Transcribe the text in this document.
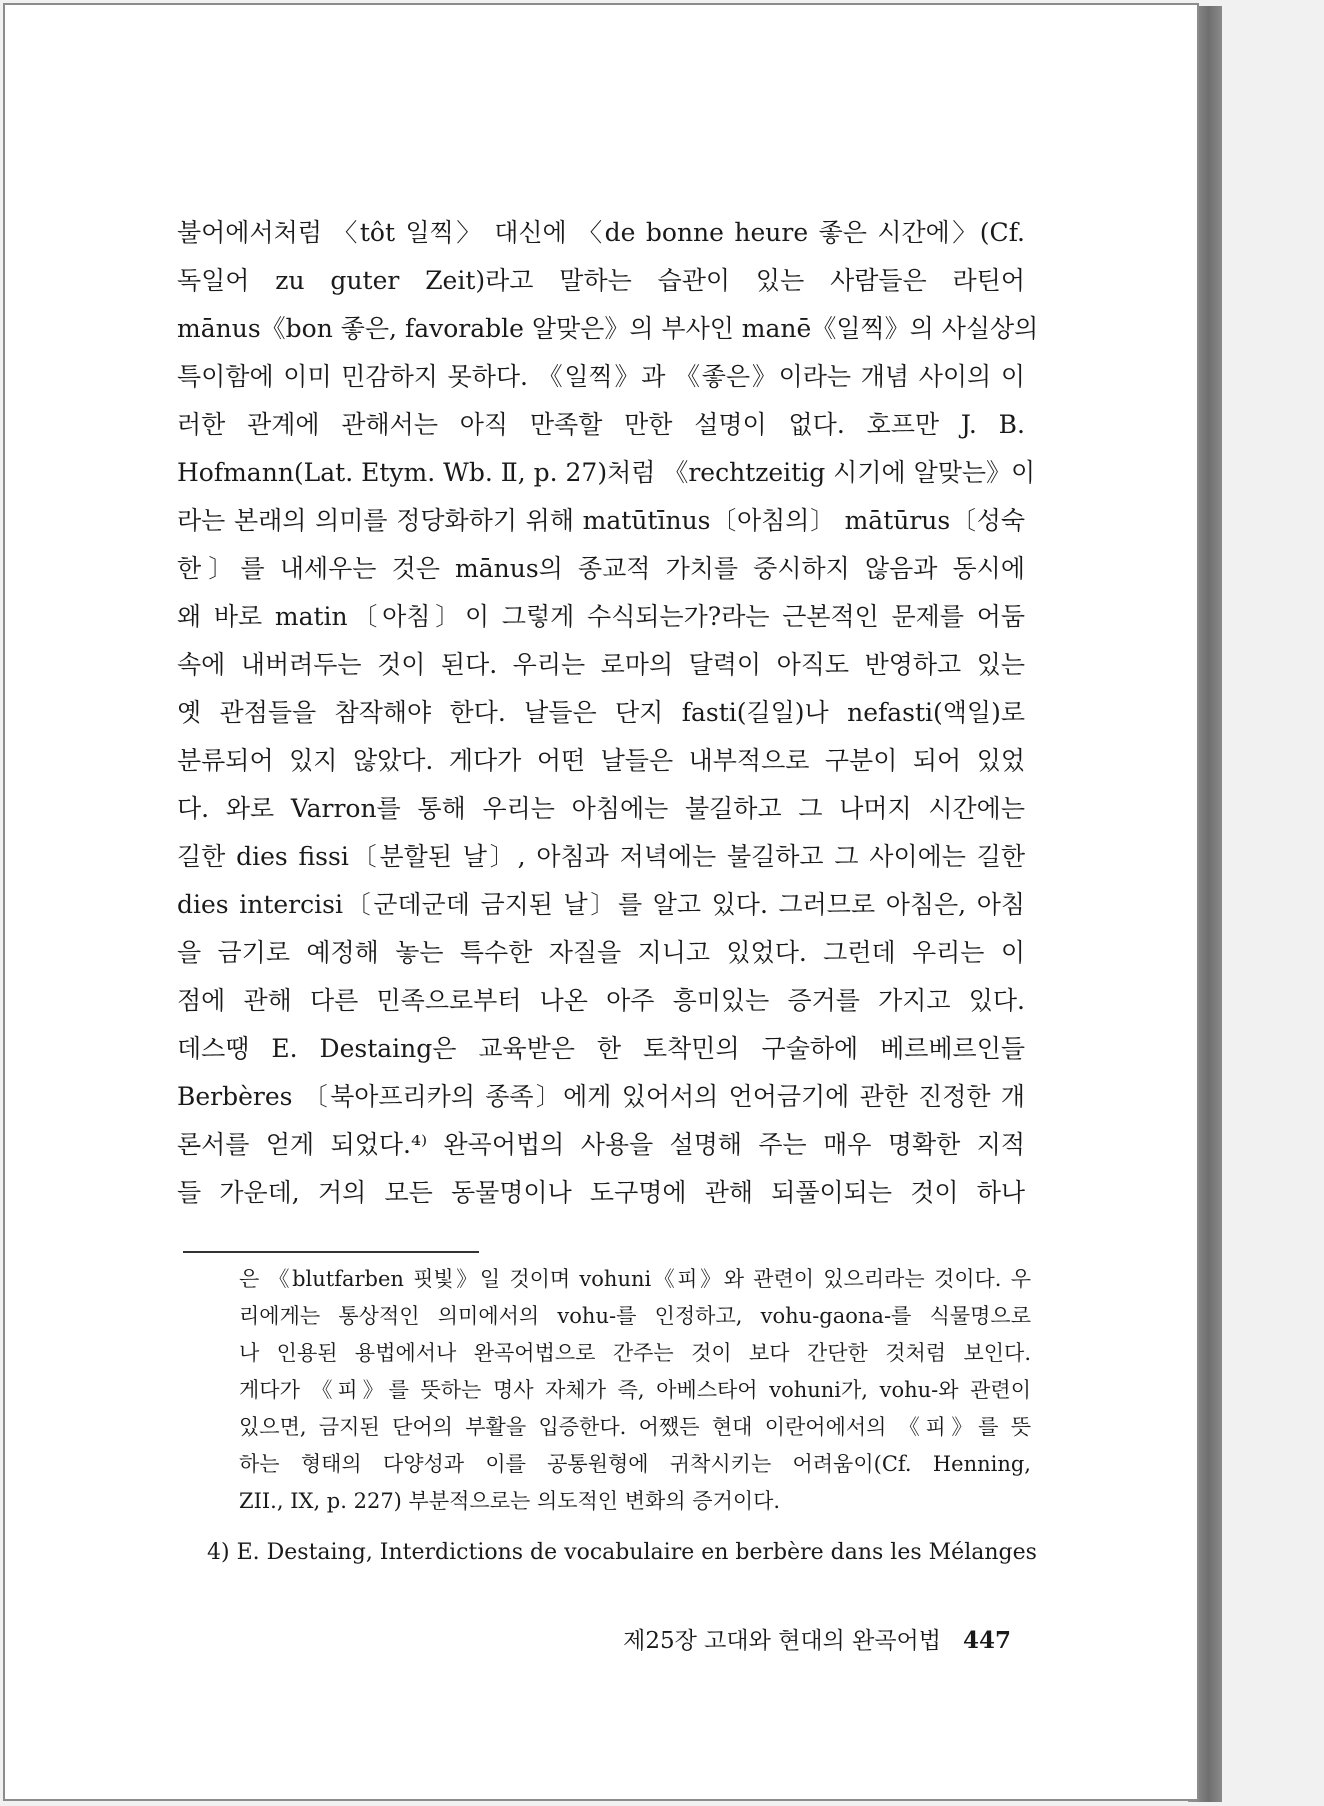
불어에서처럼 〈tôt 일찍〉 대신에 〈de bonne heure 좋은 시간에〉(Cf.
독일어 zu guter Zeit)라고 말하는 습관이 있는 사람들은 라틴어
mānus《bon 좋은, favorable 알맞은》의 부사인 manē《일찍》의 사실상의
특이함에 이미 민감하지 못하다. 《일찍》과 《좋은》이라는 개념 사이의 이
러한 관계에 관해서는 아직 만족할 만한 설명이 없다. 호프만 J. B.
Hofmann(Lat. Etym. Wb. Ⅱ, p. 27)처럼 《rechtzeitig 시기에 알맞는》이
라는 본래의 의미를 정당화하기 위해 matūtīnus〔아침의〕 mātūrus〔성숙
한〕를 내세우는 것은 mānus의 종교적 가치를 중시하지 않음과 동시에
왜 바로 matin〔아침〕이 그렇게 수식되는가?라는 근본적인 문제를 어둠
속에 내버려두는 것이 된다. 우리는 로마의 달력이 아직도 반영하고 있는
옛 관점들을 참작해야 한다. 날들은 단지 fasti(길일)나 nefasti(액일)로
분류되어 있지 않았다. 게다가 어떤 날들은 내부적으로 구분이 되어 있었
다. 와로 Varron를 통해 우리는 아침에는 불길하고 그 나머지 시간에는
길한 dies fissi〔분할된 날〕, 아침과 저녁에는 불길하고 그 사이에는 길한
dies intercisi〔군데군데 금지된 날〕를 알고 있다. 그러므로 아침은, 아침
을 금기로 예정해 놓는 특수한 자질을 지니고 있었다. 그런데 우리는 이
점에 관해 다른 민족으로부터 나온 아주 흥미있는 증거를 가지고 있다.
데스땡 E. Destaing은 교육받은 한 토착민의 구술하에 베르베르인들
Berbères 〔북아프리카의 종족〕에게 있어서의 언어금기에 관한 진정한 개
론서를 얻게 되었다.⁴⁾ 완곡어법의 사용을 설명해 주는 매우 명확한 지적
들 가운데, 거의 모든 동물명이나 도구명에 관해 되풀이되는 것이 하나
은 《blutfarben 핏빛》일 것이며 vohuni《피》와 관련이 있으리라는 것이다. 우
리에게는 통상적인 의미에서의 vohu-를 인정하고, vohu-gaona-를 식물명으로
나 인용된 용법에서나 완곡어법으로 간주는 것이 보다 간단한 것처럼 보인다.
게다가 《피》를 뜻하는 명사 자체가 즉, 아베스타어 vohuni가, vohu-와 관련이
있으면, 금지된 단어의 부활을 입증한다. 어쨌든 현대 이란어에서의 《피》를 뜻
하는 형태의 다양성과 이를 공통원형에 귀착시키는 어려움이(Cf. Henning,
ZII., IX, p. 227) 부분적으로는 의도적인 변화의 증거이다.
4) E. Destaing, Interdictions de vocabulaire en berbère dans les Mélanges
제25장 고대와 현대의 완곡어법 447
